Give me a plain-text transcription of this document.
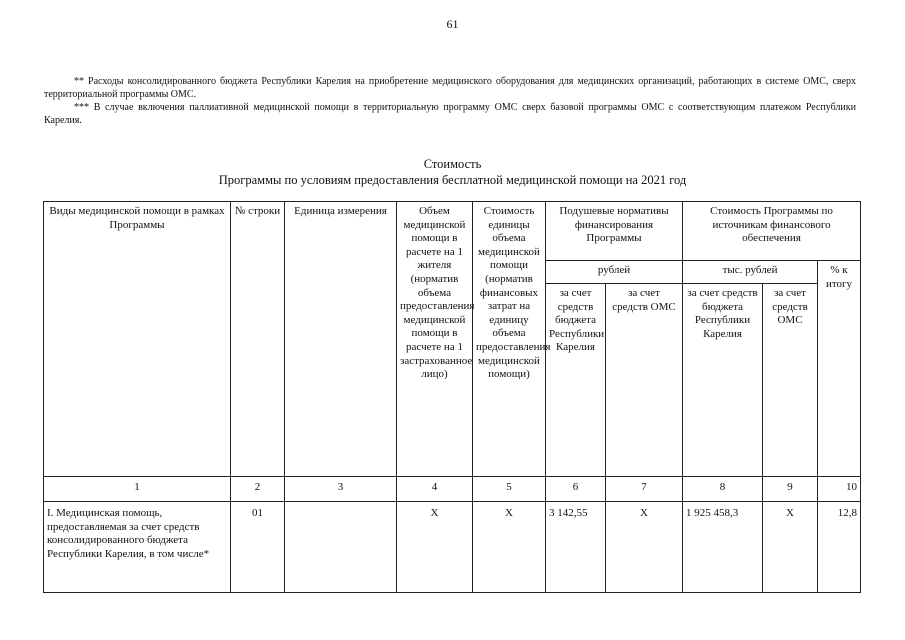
61

** Расходы консолидированного бюджета Республики Карелия на приобретение медицинского оборудования для медицинских организаций, работающих в системе ОМС, сверх территориальной программы ОМС.

*** В случае включения паллиативной медицинской помощи в территориальную программу ОМС сверх базовой программы ОМС с соответствующим платежом Республики Карелия.

Стоимость
Программы по условиям предоставления бесплатной медицинской помощи на 2021 год
Виды медицинской помощи в рамках Программы	№ строки	Единица измерения	Объем медицинской помощи в расчете на 1 жителя (норматив объема предоставления медицинской помощи в расчете на 1 застрахованное лицо)	Стоимость единицы объема медицинской помощи (норматив финансовых затрат на единицу объема предоставления медицинской помощи)	Подушевые нормативы финансирования Программы		Стоимость Программы по источникам финансового обеспечения		
					рублей		тыс. рублей		% к итогу
					за счет средств бюджета Республики Карелия	за счет средств ОМС	за счет средств бюджета Республики Карелия	за счет средств ОМС	
1	2	3	4	5	6	7	8	9	10
I. Медицинская помощь, предоставляемая за счет средств консолидированного бюджета Республики Карелия, в том числе*	01		Х	Х	3 142,55	Х	1 925 458,3	Х	12,8
